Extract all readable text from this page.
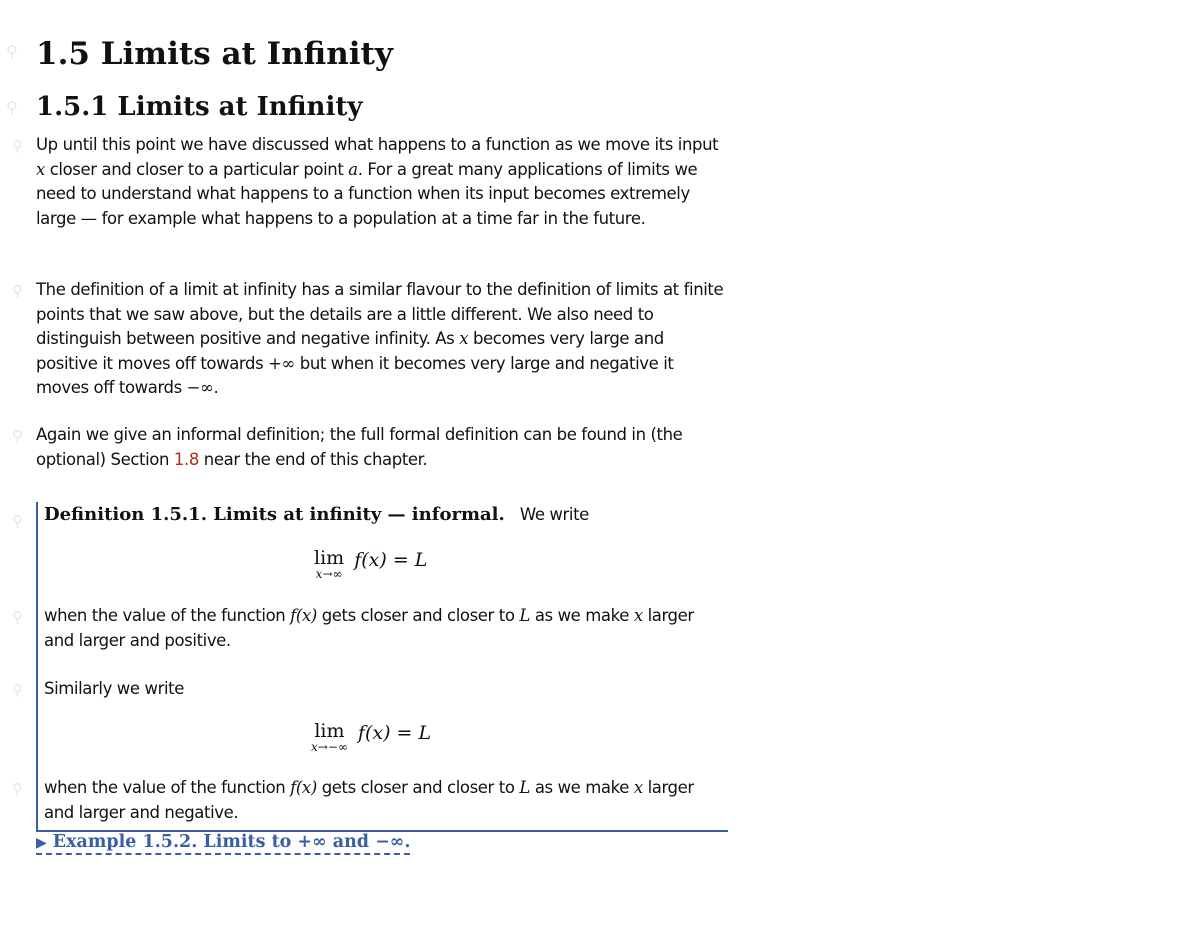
⚲ 1.5 Limits at Infinity
⚲ 1.5.1 Limits at Infinity
⚲ Up until this point we have discussed what happens to a function as we move its input x closer and closer to a particular point a. For a great many applications of limits we need to understand what happens to a function when its input becomes extremely large — for example what happens to a population at a time far in the future.

⚲ The definition of a limit at infinity has a similar flavour to the definition of limits at finite points that we saw above, but the details are a little different. We also need to distinguish between positive and negative infinity. As x becomes very large and positive it moves off towards +∞ but when it becomes very large and negative it moves off towards −∞.

⚲ Again we give an informal definition; the full formal definition can be found in (the optional) Section 1.8 near the end of this chapter.

⚲ Definition 1.5.1. Limits at infinity — informal. We write
lim
x→∞
f(x) = L
⚲ when the value of the function f(x) gets closer and closer to L as we make x larger and larger and positive.

⚲ Similarly we write

lim
x→−∞
f(x) = L
⚲ when the value of the function f(x) gets closer and closer to L as we make x larger and larger and negative.

▶ Example 1.5.2. Limits to +∞ and −∞.
